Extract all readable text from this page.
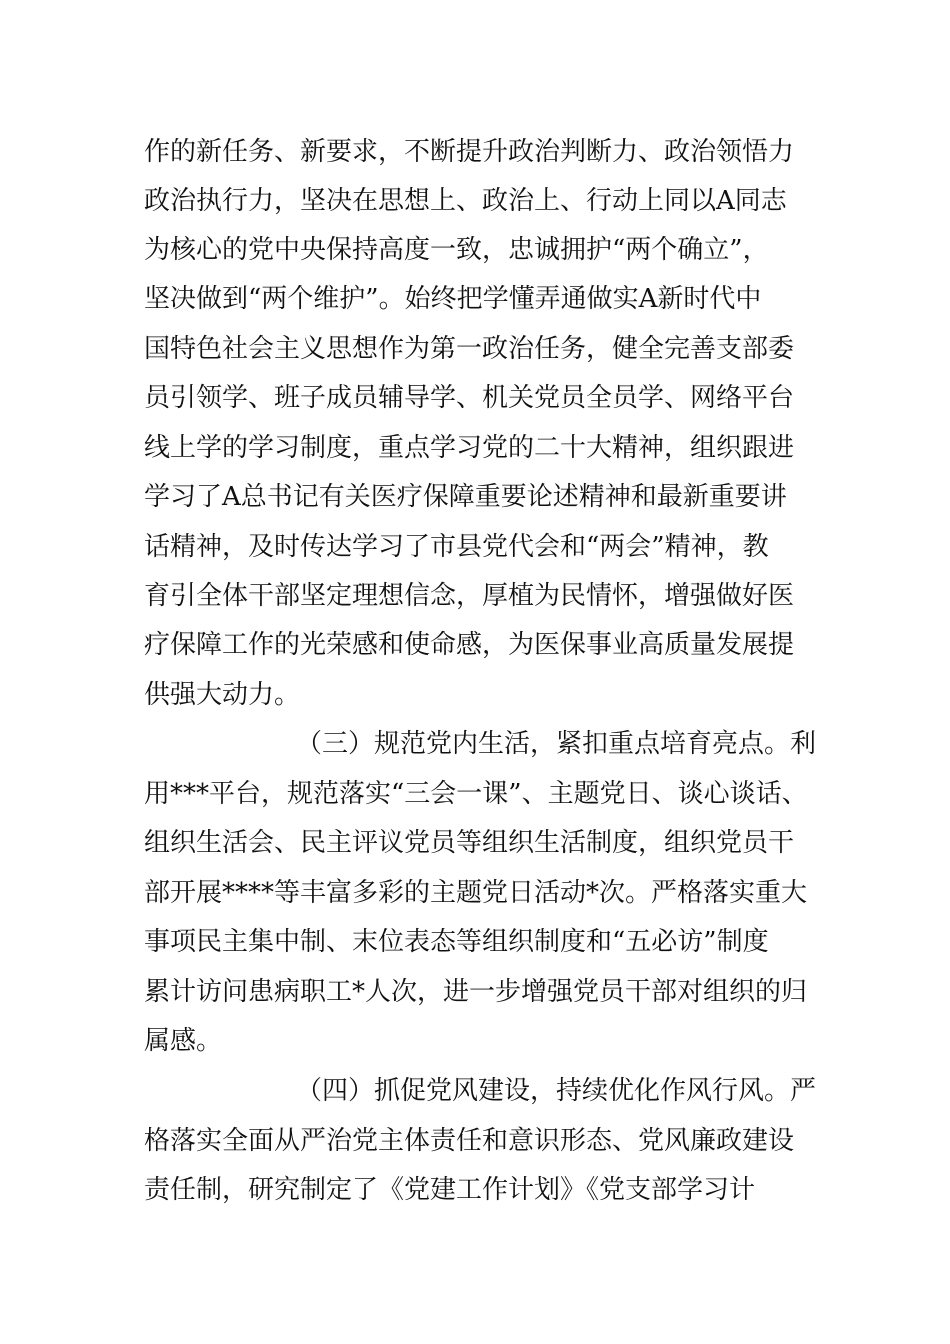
作的新任务、新要求，不断提升政治判断力、政治领悟力
政治执行力，坚决在思想上、政治上、行动上同以A同志
为核心的党中央保持高度一致，忠诚拥护“两个确立”，
坚决做到“两个维护”。始终把学懂弄通做实A新时代中
国特色社会主义思想作为第一政治任务，健全完善支部委
员引领学、班子成员辅导学、机关党员全员学、网络平台
线上学的学习制度，重点学习党的二十大精神，组织跟进
学习了A总书记有关医疗保障重要论述精神和最新重要讲
话精神，及时传达学习了市县党代会和“两会”精神，教
育引全体干部坚定理想信念，厚植为民情怀，增强做好医
疗保障工作的光荣感和使命感，为医保事业高质量发展提
供强大动力。
（三）规范党内生活，紧扣重点培育亮点。利
用***平台，规范落实“三会一课”、主题党日、谈心谈话、
组织生活会、民主评议党员等组织生活制度，组织党员干
部开展****等丰富多彩的主题党日活动*次。严格落实重大
事项民主集中制、末位表态等组织制度和“五必访”制度
累计访问患病职工*人次，进一步增强党员干部对组织的归
属感。
（四）抓促党风建设，持续优化作风行风。严
格落实全面从严治党主体责任和意识形态、党风廉政建设
责任制，研究制定了《党建工作计划》《党支部学习计
